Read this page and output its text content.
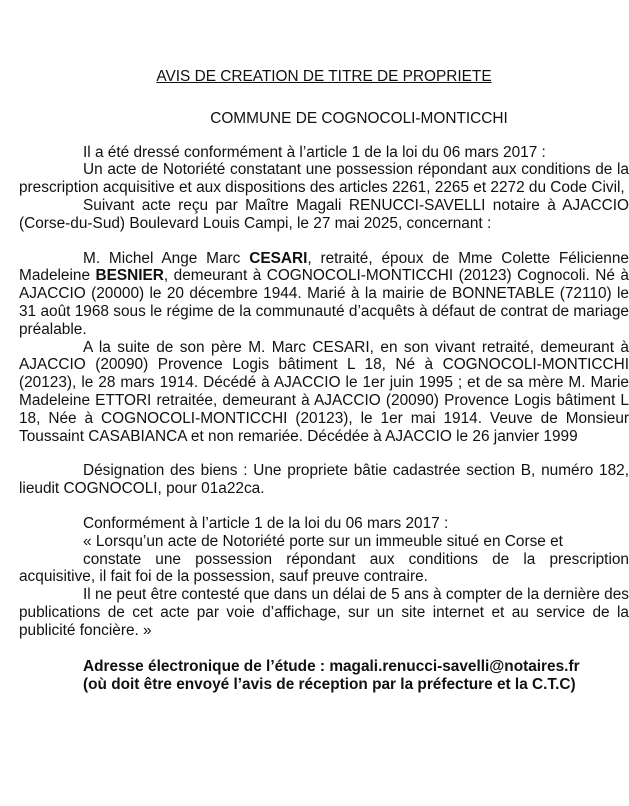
AVIS DE CREATION DE TITRE DE PROPRIETE
COMMUNE DE COGNOCOLI-MONTICCHI

Il a été dressé conformément à l’article 1 de la loi du 06 mars 2017 :

Un acte de Notoriété constatant une possession répondant aux conditions de la prescription acquisitive et aux dispositions des articles 2261, 2265 et 2272 du Code Civil,

Suivant acte reçu par Maître Magali RENUCCI-SAVELLI notaire à AJACCIO (Corse-du-Sud) Boulevard Louis Campi, le 27 mai 2025, concernant :

M. Michel Ange Marc CESARI, retraité, époux de Mme Colette Félicienne Madeleine BESNIER, demeurant à COGNOCOLI-MONTICCHI (20123) Cognocoli. Né à AJACCIO (20000) le 20 décembre 1944. Marié à la mairie de BONNETABLE (72110) le 31 août 1968 sous le régime de la communauté d’acquêts à défaut de contrat de mariage préalable.

A la suite de son père M. Marc CESARI, en son vivant retraité, demeurant à AJACCIO (20090) Provence Logis bâtiment L 18, Né à COGNOCOLI-MONTICCHI (20123), le 28 mars 1914. Décédé à AJACCIO le 1er juin 1995 ; et de sa mère M. Marie Madeleine ETTORI retraitée, demeurant à AJACCIO (20090) Provence Logis bâtiment L 18, Née à COGNOCOLI-MONTICCHI (20123), le 1er mai 1914. Veuve de Monsieur Toussaint CASABIANCA et non remariée. Décédée à AJACCIO le 26 janvier 1999

Désignation des biens : Une propriete bâtie cadastrée section B, numéro 182, lieudit COGNOCOLI, pour 01a22ca.

Conformément à l’article 1 de la loi du 06 mars 2017 :

« Lorsqu’un acte de Notoriété porte sur un immeuble situé en Corse et

constate une possession répondant aux conditions de la prescription acquisitive, il fait foi de la possession, sauf preuve contraire.

Il ne peut être contesté que dans un délai de 5 ans à compter de la dernière des publications de cet acte par voie d’affichage, sur un site internet et au service de la publicité foncière. »

Adresse électronique de l’étude : magali.renucci-savelli@notaires.fr
(où doit être envoyé l’avis de réception par la préfecture et la C.T.C)
